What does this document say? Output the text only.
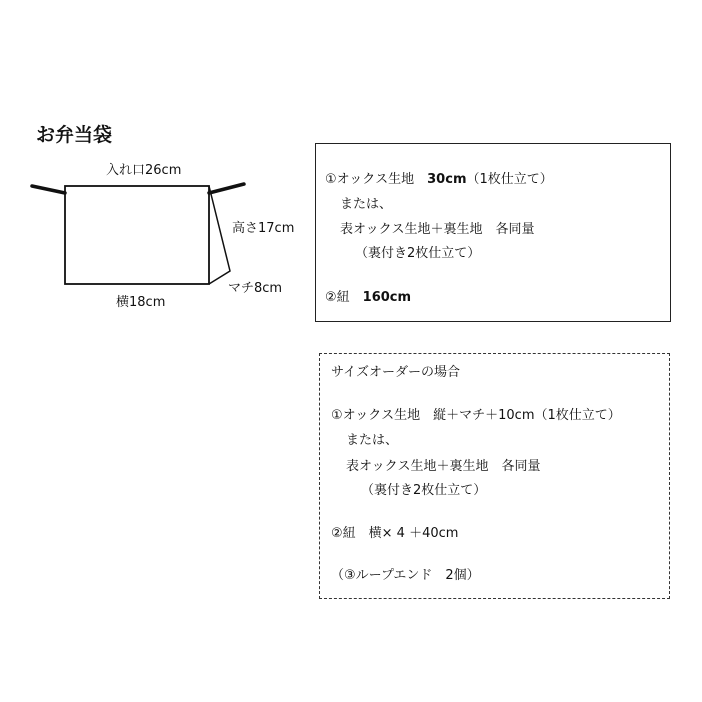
お弁当袋
入れ口26cm
高さ17cm
マチ8cm
横18cm
①オックス生地　30cm（1枚仕立て）
または、
表オックス生地＋裏生地　各同量
（裏付き2枚仕立て）
②紐　160cm
サイズオーダーの場合
①オックス生地　縦＋マチ＋10cm（1枚仕立て）
または、
表オックス生地＋裏生地　各同量
（裏付き2枚仕立て）
②紐　横× 4 ＋40cm
（③ループエンド　2個）
